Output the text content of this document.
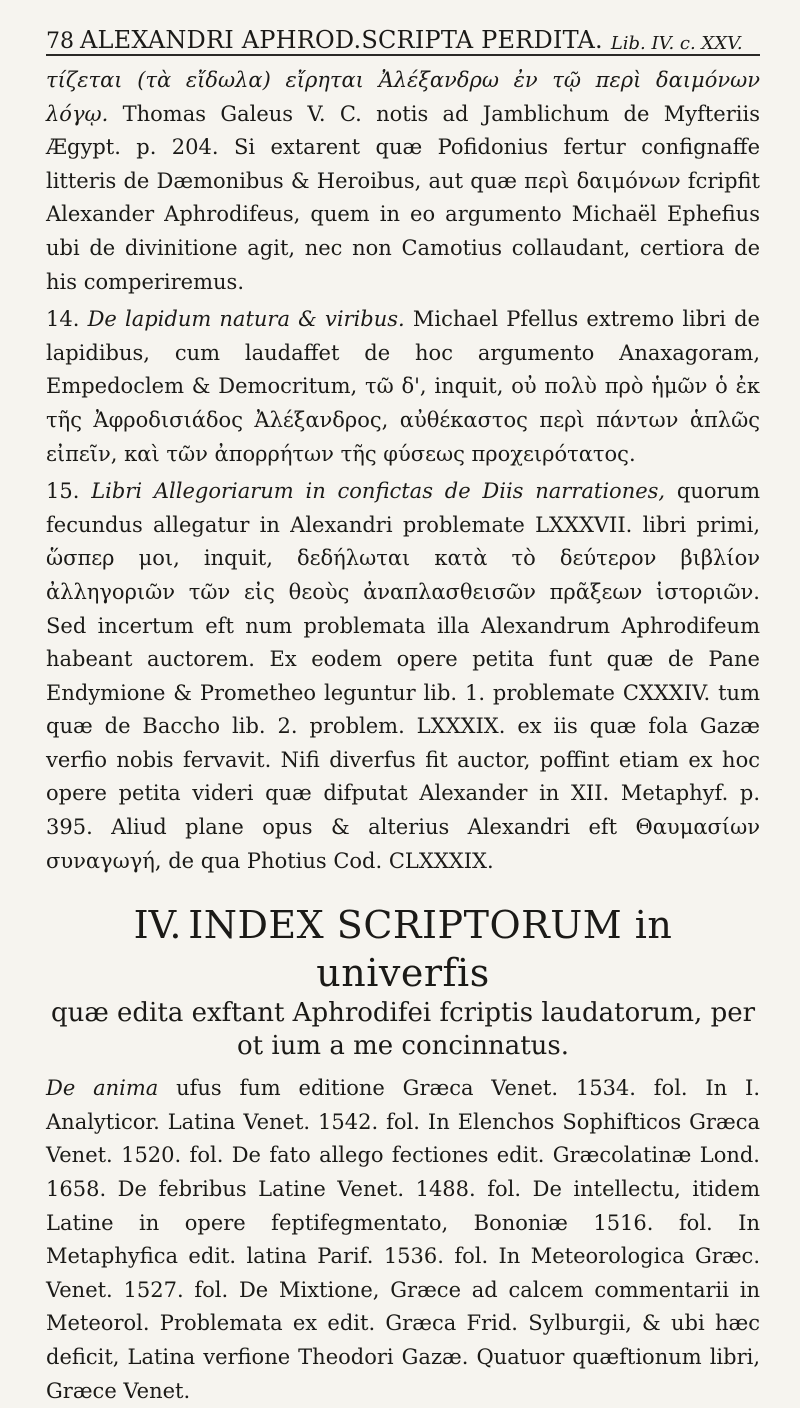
78 ALEXANDRI APHROD.SCRIPTA PERDITA. Lib. IV. c. XXV.

τίζεται (τὰ εἴδωλα) εἴρηται Ἀλέξανδρω ἐν τῷ περὶ δαιμόνων λόγῳ. Thomas Galeus V. C. notis ad Jamblichum de Myfteriis Ægypt. p. 204. Si extarent quæ Pofidonius fertur confignaffe litteris de Dæmonibus & Heroibus, aut quæ περὶ δαιμόνων fcripfit Alexander Aphrodifeus, quem in eo argumento Michaël Ephefius ubi de divinitione agit, nec non Camotius collaudant, certiora de his comperiremus.

14. De lapidum natura & viribus. Michael Pfellus extremo libri de lapidibus, cum laudaffet de hoc argumento Anaxagoram, Empedoclem & Democritum, τῶ δ', inquit, οὐ πολὺ πρὸ ἡμῶν ὁ ἐκ τῆς Ἀφροδισιάδος Ἀλέξανδρος, αὐθέκαστος περὶ πάντων ἁπλῶς εἰπεῖν, καὶ τῶν ἀπορρήτων τῆς φύσεως προχειρότατος.

15. Libri Allegoriarum in confictas de Diis narrationes, quorum fecundus allegatur in Alexandri problemate LXXXVII. libri primi, ὥσπερ μοι, inquit, δεδήλωται κατὰ τὸ δεύτερον βιβλίον ἀλληγοριῶν τῶν εἰς θεοὺς ἀναπλασθεισῶν πρᾶξεων ἱστοριῶν. Sed incertum eft num problemata illa Alexandrum Aphrodifeum habeant auctorem. Ex eodem opere petita funt quæ de Pane Endymione & Prometheo leguntur lib. 1. problemate CXXXIV. tum quæ de Baccho lib. 2. problem. LXXXIX. ex iis quæ fola Gazæ verfio nobis fervavit. Nifi diverfus fit auctor, poffint etiam ex hoc opere petita videri quæ difputat Alexander in XII. Metaphyf. p. 395. Aliud plane opus & alterius Alexandri eft Θαυμασίων συναγωγή, de qua Photius Cod. CLXXXIX.

IV. INDEX SCRIPTORUM in univerfis
quæ edita exftant Aphrodifei fcriptis laudatorum, per ot ium a me concinnatus.

De anima ufus fum editione Græca Venet. 1534. fol. In I. Analyticor. Latina Venet. 1542. fol. In Elenchos Sophifticos Græca Venet. 1520. fol. De fato allego fectiones edit. Græcolatinæ Lond. 1658. De febribus Latine Venet. 1488. fol. De intellectu, itidem Latine in opere feptifegmentato, Bononiæ 1516. fol. In Metaphyfica edit. latina Parif. 1536. fol. In Meteorologica Græc. Venet. 1527. fol. De Mixtione, Græce ad calcem commentarii in Meteorol. Problemata ex edit. Græca Frid. Sylburgii, & ubi hæc deficit, Latina verfione Theodori Gazæ. Quatuor quæftionum libri, Græce Venet.
